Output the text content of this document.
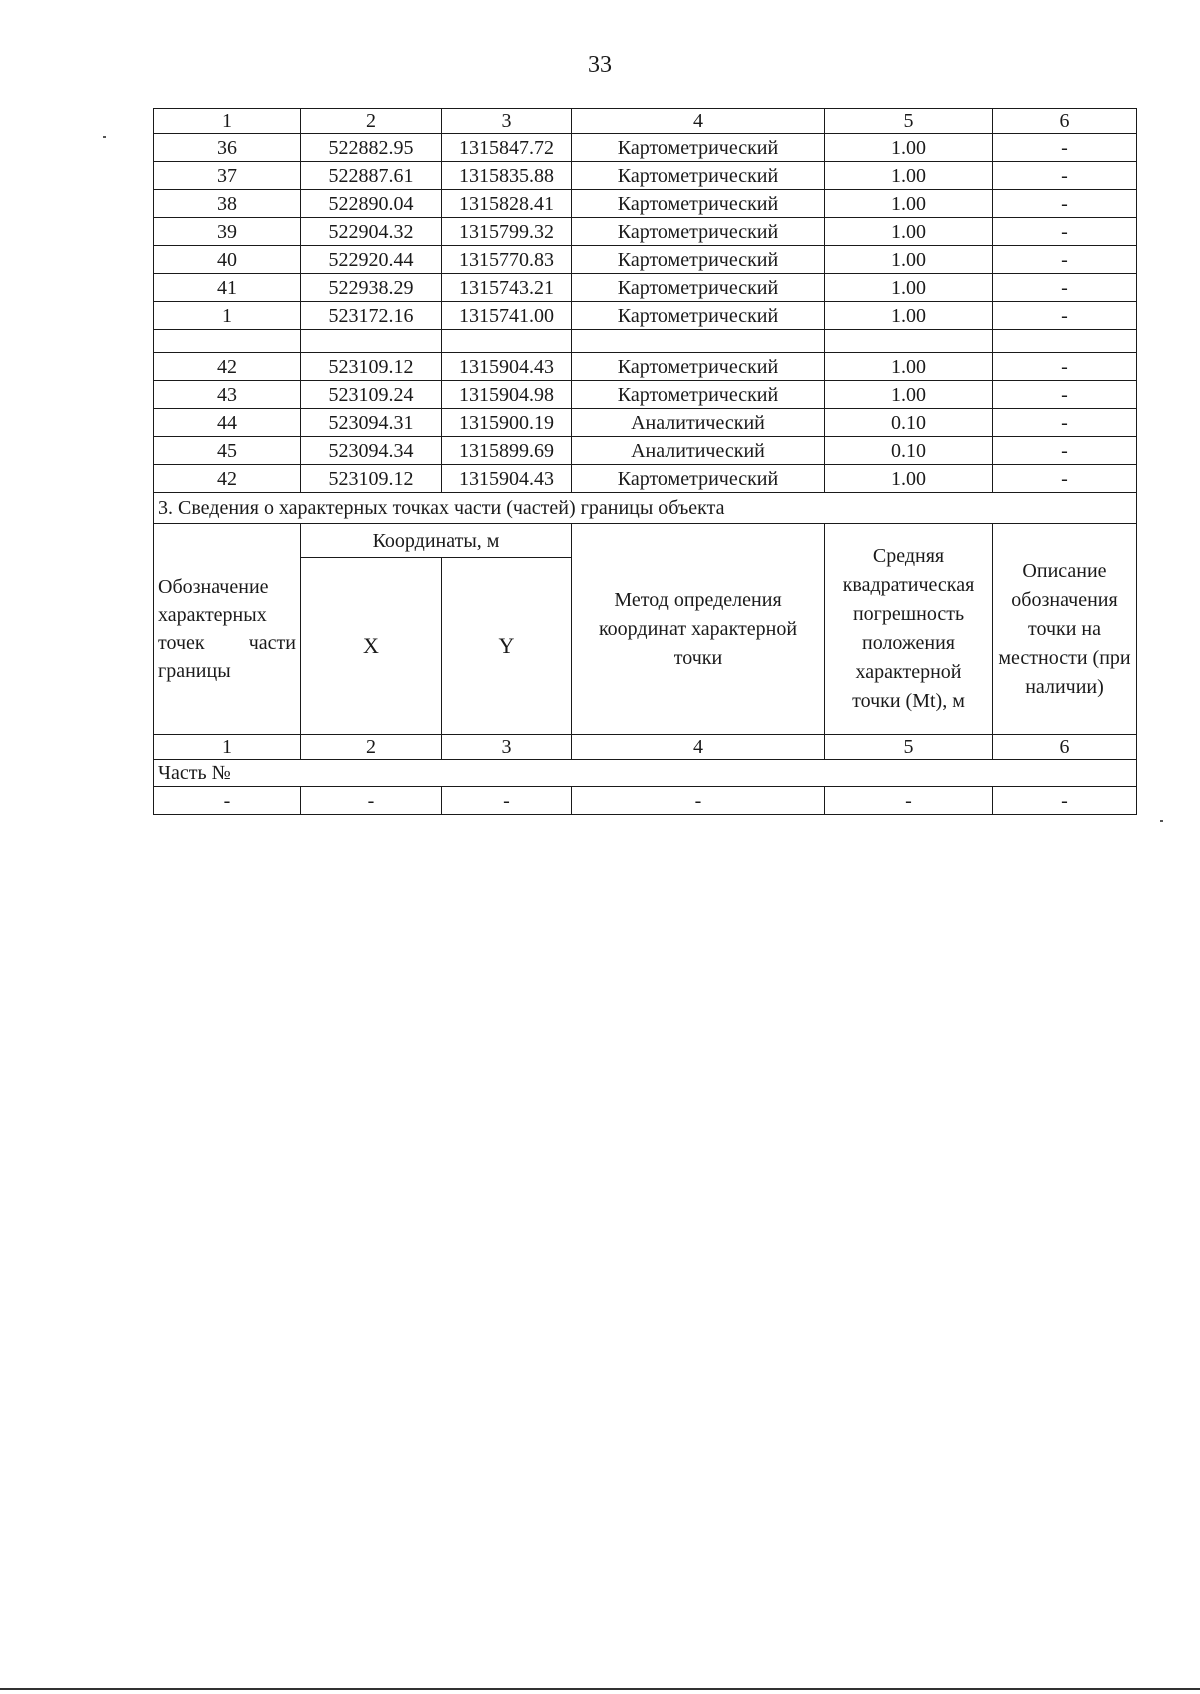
33
1	2	3	4	5	6
36	522882.95	1315847.72	Картометрический	1.00	-
37	522887.61	1315835.88	Картометрический	1.00	-
38	522890.04	1315828.41	Картометрический	1.00	-
39	522904.32	1315799.32	Картометрический	1.00	-
40	522920.44	1315770.83	Картометрический	1.00	-
41	522938.29	1315743.21	Картометрический	1.00	-
1	523172.16	1315741.00	Картометрический	1.00	-

42	523109.12	1315904.43	Картометрический	1.00	-
43	523109.24	1315904.98	Картометрический	1.00	-
44	523094.31	1315900.19	Аналитический	0.10	-
45	523094.34	1315899.69	Аналитический	0.10	-
42	523109.12	1315904.43	Картометрический	1.00	-
3. Сведения о характерных точках части (частей) границы объекта					
Обозначение характерных точек части границы	Координаты, м		Метод определения координат характерной точки	Средняя квадратическая погрешность положения характерной точки (Mt), м	Описание обозначения точки на местности (при наличии)
	X	Y			
1	2	3	4	5	6
Часть №					
-	-	-	-	-	-
